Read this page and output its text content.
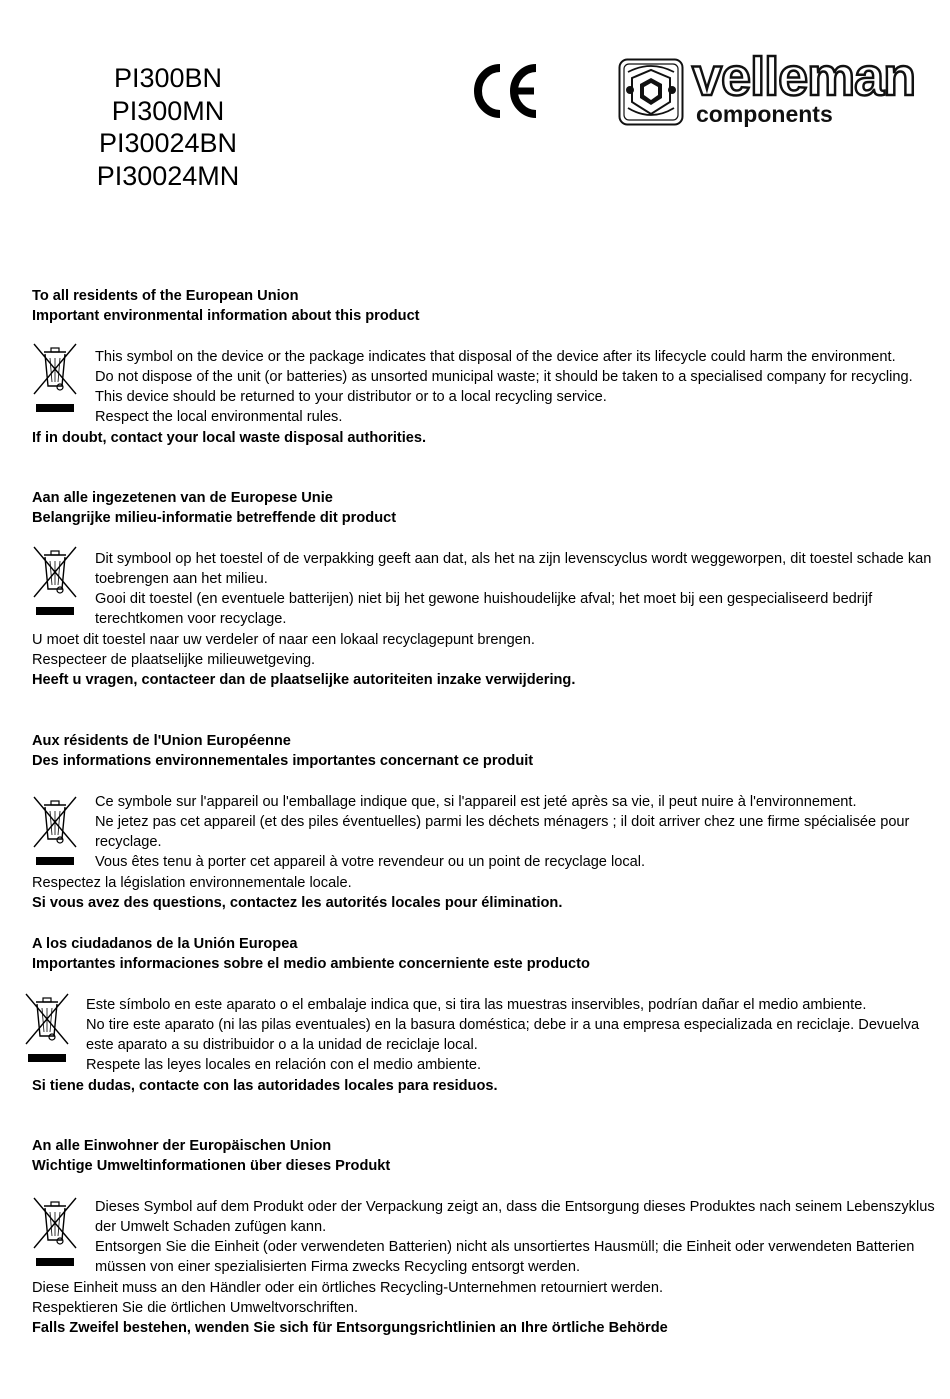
PI300BN
PI300MN
PI30024BN
PI30024MN
velleman
components

To all residents of the European Union

Important environmental information about this product

This symbol on the device or the package indicates that disposal of the device after its lifecycle could harm the environment.

Do not dispose of the unit (or batteries) as unsorted municipal waste; it should be taken to a specialised company for recycling.

This device should be returned to your distributor or to a local recycling service.

Respect the local environmental rules.

If in doubt, contact your local waste disposal authorities.

Aan alle ingezetenen van de Europese Unie

Belangrijke milieu-informatie betreffende dit product

Dit symbool op het toestel of de verpakking geeft aan dat, als het na zijn levenscyclus wordt weggeworpen, dit toestel schade kan

toebrengen aan het milieu.

Gooi dit toestel (en eventuele batterijen) niet bij het gewone huishoudelijke afval; het moet bij een gespecialiseerd bedrijf

terechtkomen voor recyclage.

U moet dit toestel naar uw verdeler of naar een lokaal recyclagepunt brengen.

Respecteer de plaatselijke milieuwetgeving.

Heeft u vragen, contacteer dan de plaatselijke autoriteiten inzake verwijdering.

Aux résidents de l'Union Européenne

Des informations environnementales importantes concernant ce produit

Ce symbole sur l'appareil ou l'emballage indique que, si l'appareil est jeté après sa vie, il peut nuire à l'environnement.

Ne jetez pas cet appareil (et des piles éventuelles) parmi les déchets ménagers ; il doit arriver chez une firme spécialisée pour

recyclage.

Vous êtes tenu à porter cet appareil à votre revendeur ou un point de recyclage local.

Respectez la législation environnementale locale.

Si vous avez des questions, contactez les autorités locales pour élimination.

A los ciudadanos de la Unión Europea

Importantes informaciones sobre el medio ambiente concerniente este producto

Este símbolo en este aparato o el embalaje indica que, si tira las muestras inservibles, podrían dañar el medio ambiente.

No tire este aparato (ni las pilas eventuales) en la basura doméstica; debe ir a una empresa especializada en reciclaje. Devuelva

este aparato a su distribuidor o a la unidad de reciclaje local.

Respete las leyes locales en relación con el medio ambiente.

Si tiene dudas, contacte con las autoridades locales para residuos.

An alle Einwohner der Europäischen Union

Wichtige Umweltinformationen über dieses Produkt

Dieses Symbol auf dem Produkt oder der Verpackung zeigt an, dass die Entsorgung dieses Produktes nach seinem Lebenszyklus

der Umwelt Schaden zufügen kann.

Entsorgen Sie die Einheit (oder verwendeten Batterien) nicht als unsortiertes Hausmüll; die Einheit oder verwendeten Batterien

müssen von einer spezialisierten Firma zwecks Recycling entsorgt werden.

Diese Einheit muss an den Händler oder ein örtliches Recycling-Unternehmen retourniert werden.

Respektieren Sie die örtlichen Umweltvorschriften.

Falls Zweifel bestehen, wenden Sie sich für Entsorgungsrichtlinien an Ihre örtliche Behörde
